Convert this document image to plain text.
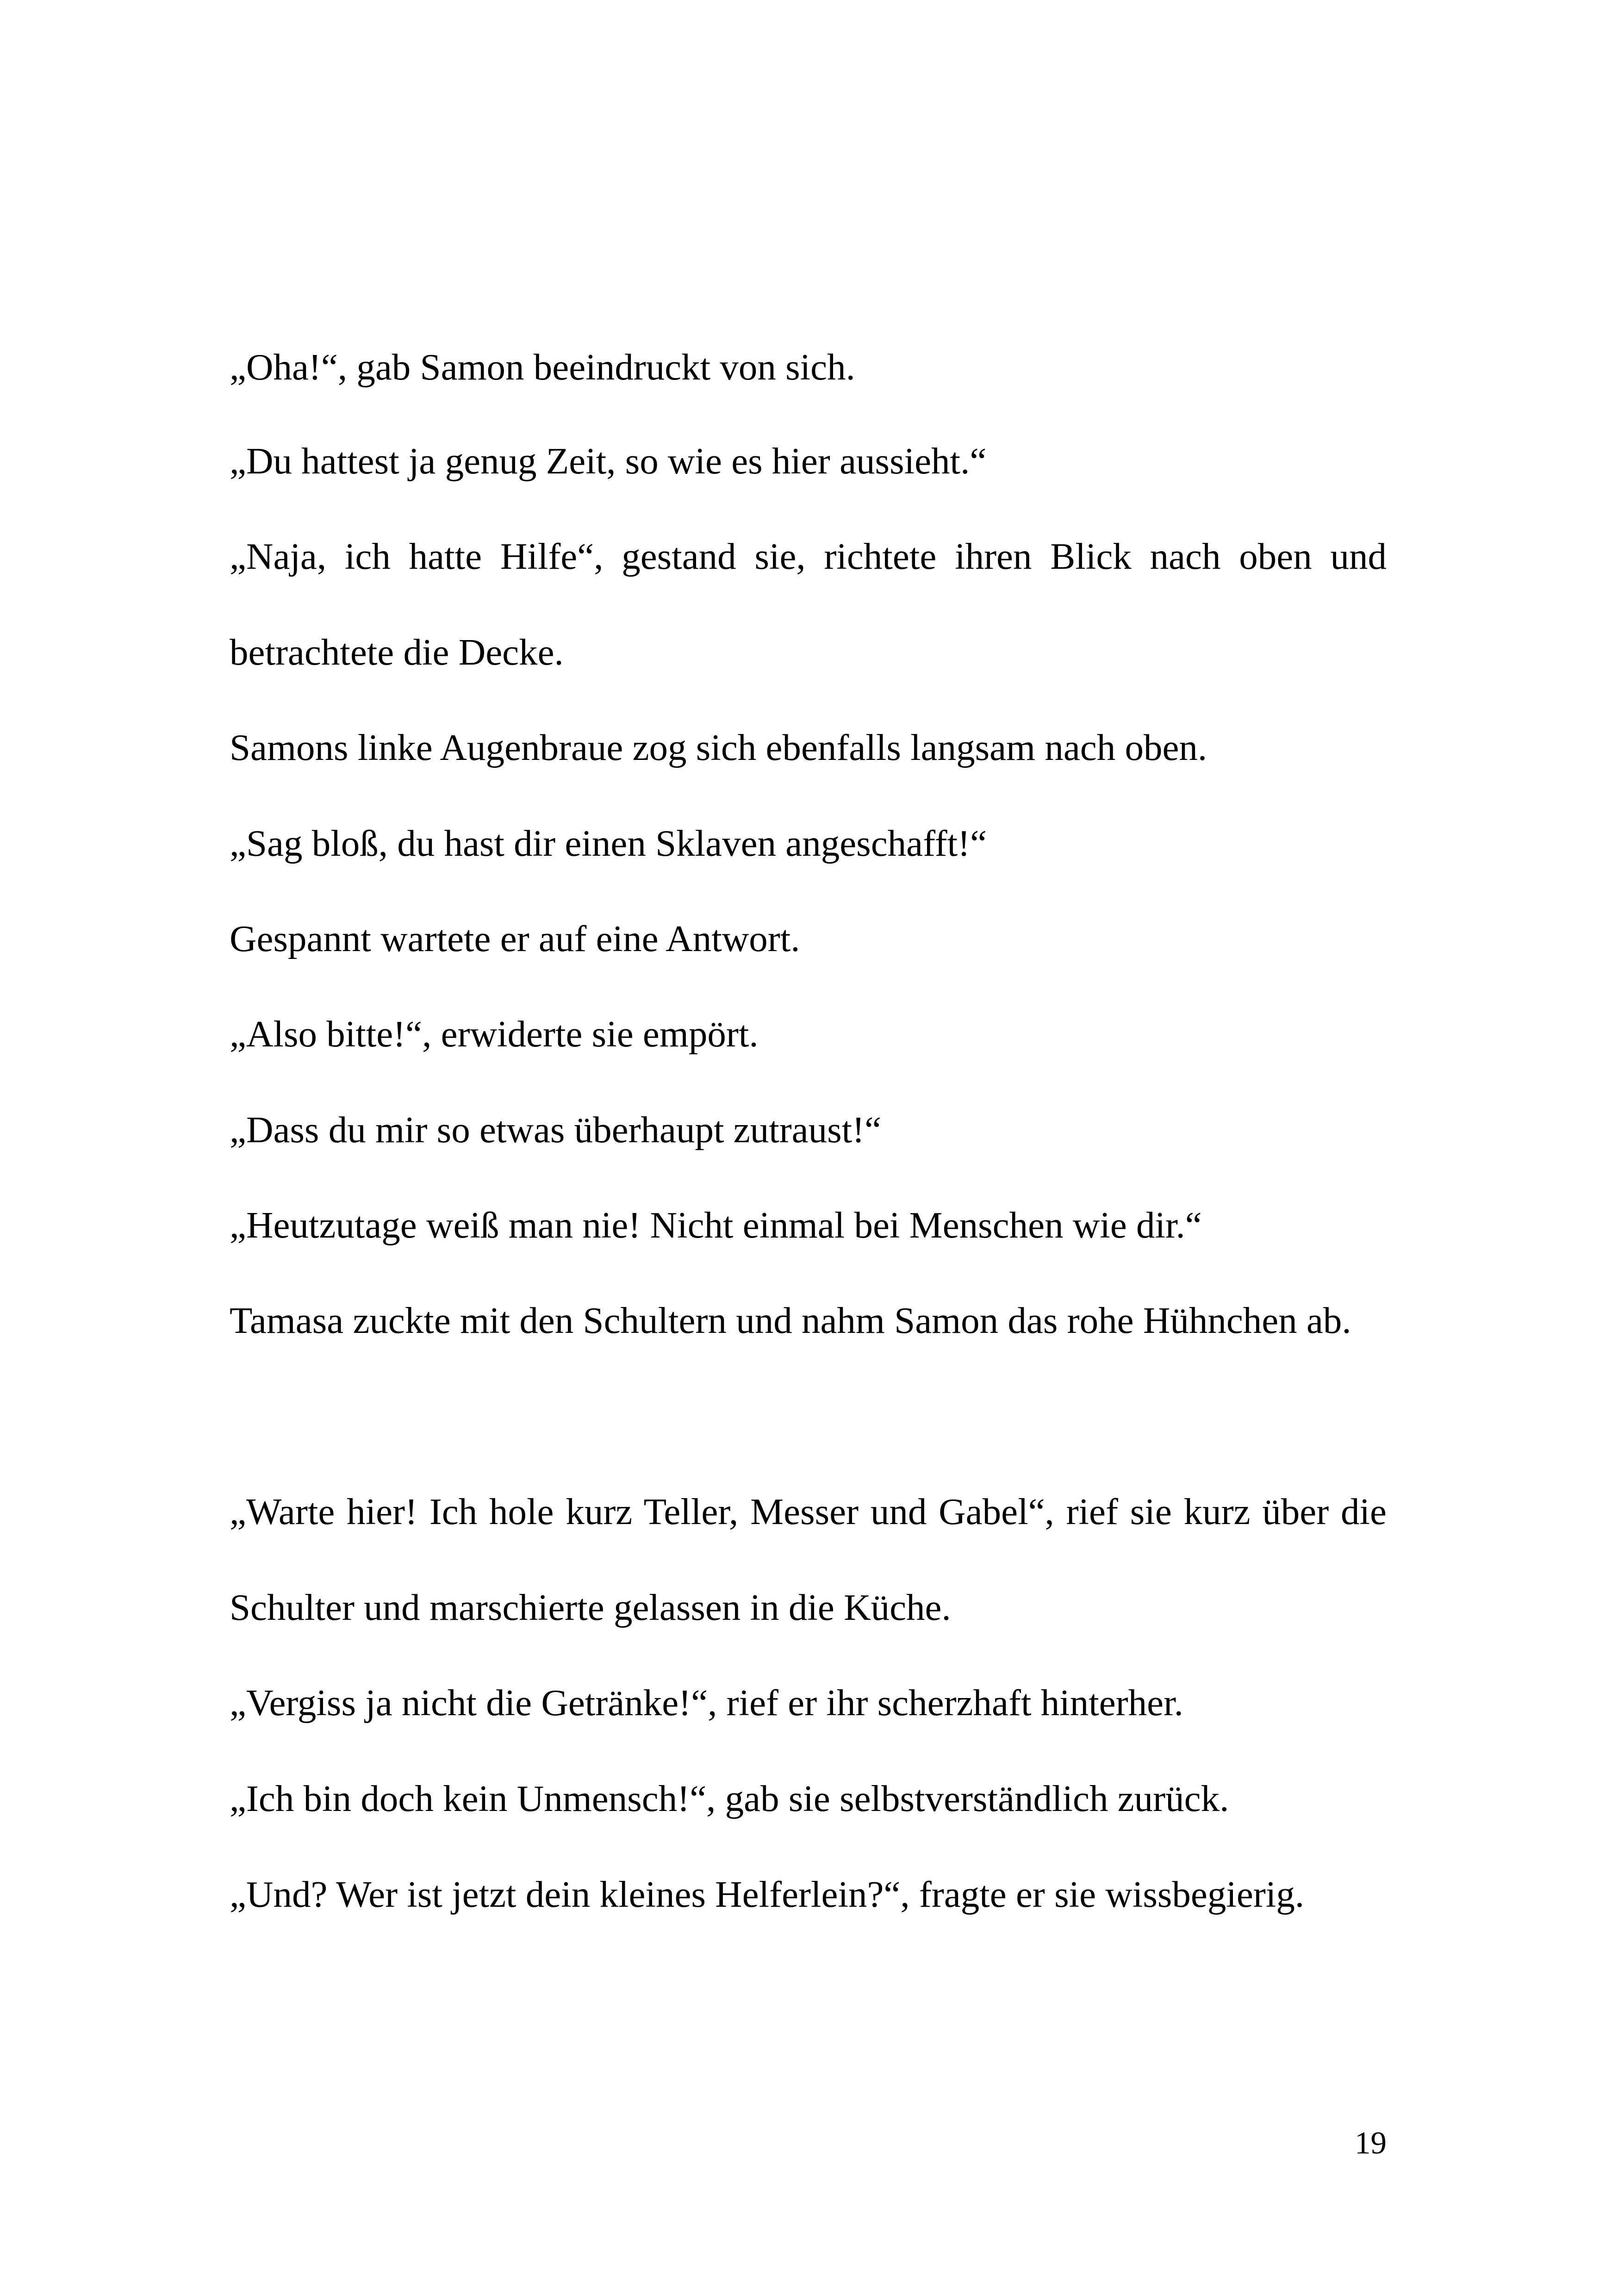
„Oha!“, gab Samon beeindruckt von sich.

„Du hattest ja genug Zeit, so wie es hier aussieht.“

„Naja, ich hatte Hilfe“, gestand sie, richtete ihren Blick nach oben und betrachtete die Decke.

Samons linke Augenbraue zog sich ebenfalls langsam nach oben.

„Sag bloß, du hast dir einen Sklaven angeschafft!“

Gespannt wartete er auf eine Antwort.

„Also bitte!“, erwiderte sie empört.

„Dass du mir so etwas überhaupt zutraust!“

„Heutzutage weiß man nie! Nicht einmal bei Menschen wie dir.“

Tamasa zuckte mit den Schultern und nahm Samon das rohe Hühnchen ab.

„Warte hier! Ich hole kurz Teller, Messer und Gabel“, rief sie kurz über die Schulter und marschierte gelassen in die Küche.

„Vergiss ja nicht die Getränke!“, rief er ihr scherzhaft hinterher.

„Ich bin doch kein Unmensch!“, gab sie selbstverständlich zurück.

„Und? Wer ist jetzt dein kleines Helferlein?“, fragte er sie wissbegierig.

19
